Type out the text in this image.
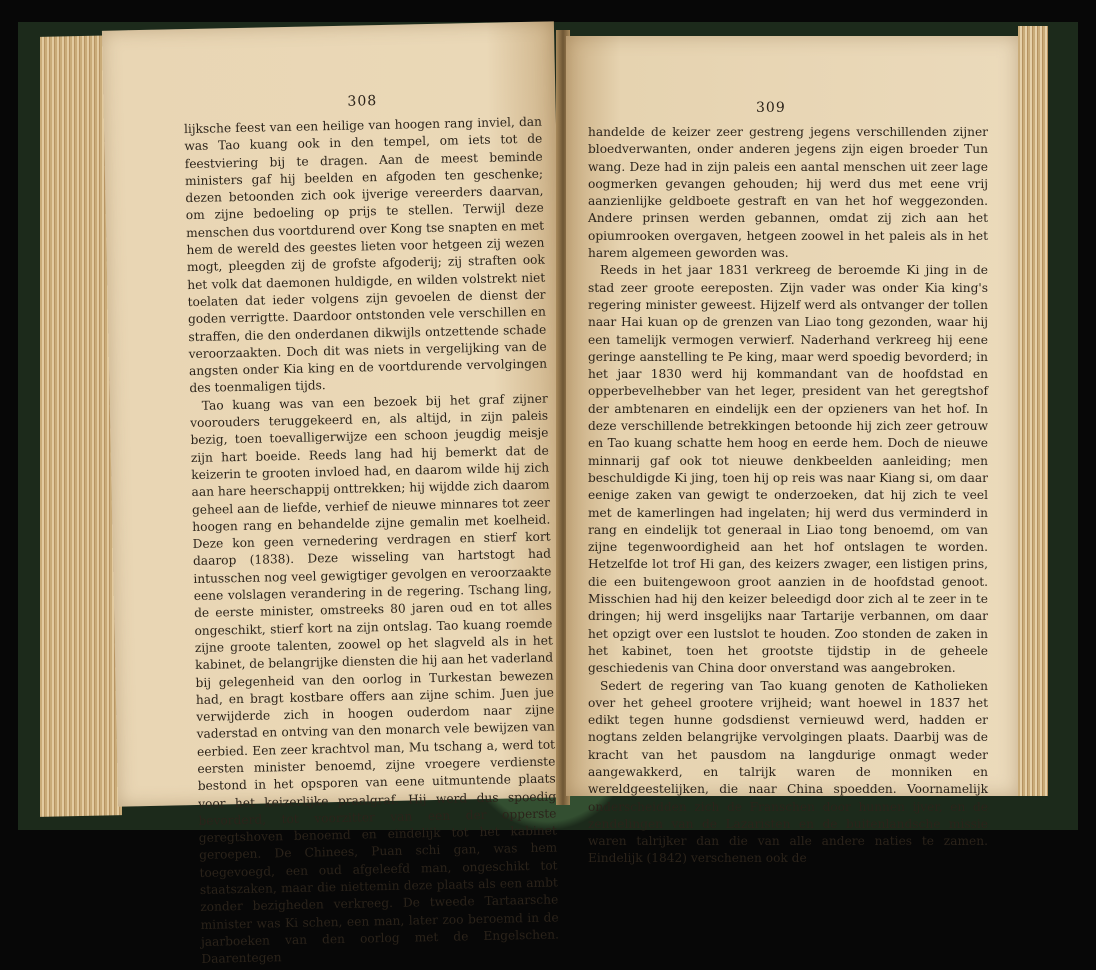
308

lijksche feest van een heilige van hoogen rang inviel, dan was Tao kuang ook in den tempel, om iets tot de feestviering bij te dragen. Aan de meest beminde ministers gaf hij beelden en afgoden ten geschenke; dezen betoonden zich ook ijverige vereerders daarvan, om zijne bedoeling op prijs te stellen. Terwijl deze menschen dus voortdurend over Kong tse snapten en met hem de wereld des geestes lieten voor hetgeen zij wezen mogt, pleegden zij de grofste afgoderij; zij straften ook het volk dat daemonen huldigde, en wilden volstrekt niet toelaten dat ieder volgens zijn gevoelen de dienst der goden verrigtte. Daardoor ontstonden vele verschillen en straffen, die den onderdanen dikwijls ontzettende schade veroorzaakten. Doch dit was niets in vergelijking van de angsten onder Kia king en de voortdurende vervolgingen des toenmaligen tijds.

Tao kuang was van een bezoek bij het graf zijner voorouders teruggekeerd en, als altijd, in zijn paleis bezig, toen toevalligerwijze een schoon jeugdig meisje zijn hart boeide. Reeds lang had hij bemerkt dat de keizerin te grooten invloed had, en daarom wilde hij zich aan hare heerschappij onttrekken; hij wijdde zich daarom geheel aan de liefde, verhief de nieuwe minnares tot zeer hoogen rang en behandelde zijne gemalin met koelheid. Deze kon geen vernedering verdragen en stierf kort daarop (1838). Deze wisseling van hartstogt had intusschen nog veel gewigtiger gevolgen en veroorzaakte eene volslagen verandering in de regering. Tschang ling, de eerste minister, omstreeks 80 jaren oud en tot alles ongeschikt, stierf kort na zijn ontslag. Tao kuang roemde zijne groote talenten, zoowel op het slagveld als in het kabinet, de belangrijke diensten die hij aan het vaderland bij gelegenheid van den oorlog in Turkestan bewezen had, en bragt kostbare offers aan zijne schim. Juen jue verwijderde zich in hoogen ouderdom naar zijne vaderstad en ontving van den monarch vele bewijzen van eerbied. Een zeer krachtvol man, Mu tschang a, werd tot eersten minister benoemd, zijne vroegere verdienste bestond in het opsporen van eene uitmuntende plaats voor het keizerlijke praalgraf. Hij werd dus spoedig bevorderd, tot voorzitter van een der opperste geregtshoven benoemd en eindelijk tot het kabinet geroepen. De Chinees, Puan schi gan, was hem toegevoegd, een oud afgeleefd man, ongeschikt tot staatszaken, maar die niettemin deze plaats als een ambt zonder bezigheden verkreeg. De tweede Tartaarsche minister was Ki schen, een man, later zoo beroemd in de jaarboeken van den oorlog met de Engelschen. Daarentegen

309

handelde de keizer zeer gestreng jegens verschillenden zijner bloedverwanten, onder anderen jegens zijn eigen broeder Tun wang. Deze had in zijn paleis een aantal menschen uit zeer lage oogmerken gevangen gehouden; hij werd dus met eene vrij aanzienlijke geldboete gestraft en van het hof weggezonden. Andere prinsen werden gebannen, omdat zij zich aan het opiumrooken overgaven, hetgeen zoowel in het paleis als in het harem algemeen geworden was.

Reeds in het jaar 1831 verkreeg de beroemde Ki jing in de stad zeer groote eereposten. Zijn vader was onder Kia king's regering minister geweest. Hijzelf werd als ontvanger der tollen naar Hai kuan op de grenzen van Liao tong gezonden, waar hij een tamelijk vermogen verwierf. Naderhand verkreeg hij eene geringe aanstelling te Pe king, maar werd spoedig bevorderd; in het jaar 1830 werd hij kommandant van de hoofdstad en opperbevelhebber van het leger, president van het geregtshof der ambtenaren en eindelijk een der opzieners van het hof. In deze verschillende betrekkingen betoonde hij zich zeer getrouw en Tao kuang schatte hem hoog en eerde hem. Doch de nieuwe minnarij gaf ook tot nieuwe denkbeelden aanleiding; men beschuldigde Ki jing, toen hij op reis was naar Kiang si, om daar eenige zaken van gewigt te onderzoeken, dat hij zich te veel met de kamerlingen had ingelaten; hij werd dus verminderd in rang en eindelijk tot generaal in Liao tong benoemd, om van zijne tegenwoordigheid aan het hof ontslagen te worden. Hetzelfde lot trof Hi gan, des keizers zwager, een listigen prins, die een buitengewoon groot aanzien in de hoofdstad genoot. Misschien had hij den keizer beleedigd door zich al te zeer in te dringen; hij werd insgelijks naar Tartarije verbannen, om daar het opzigt over een lustslot te houden. Zoo stonden de zaken in het kabinet, toen het grootste tijdstip in de geheele geschiedenis van China door onverstand was aangebroken.

Sedert de regering van Tao kuang genoten de Katholieken over het geheel grootere vrijheid; want hoewel in 1837 het edikt tegen hunne godsdienst vernieuwd werd, hadden er nogtans zelden belangrijke vervolgingen plaats. Daarbij was de kracht van het pausdom na langdurige onmagt weder aangewakkerd, en talrijk waren de monniken en wereldgeestelijken, die naar China spoedden. Voornamelijk onderscheidden zich de Franschen door hunnen ijver, en de zendelingen van de Lazaristen en de buitenlandsche missie waren talrijker dan die van alle andere naties te zamen. Eindelijk (1842) verschenen ook de
